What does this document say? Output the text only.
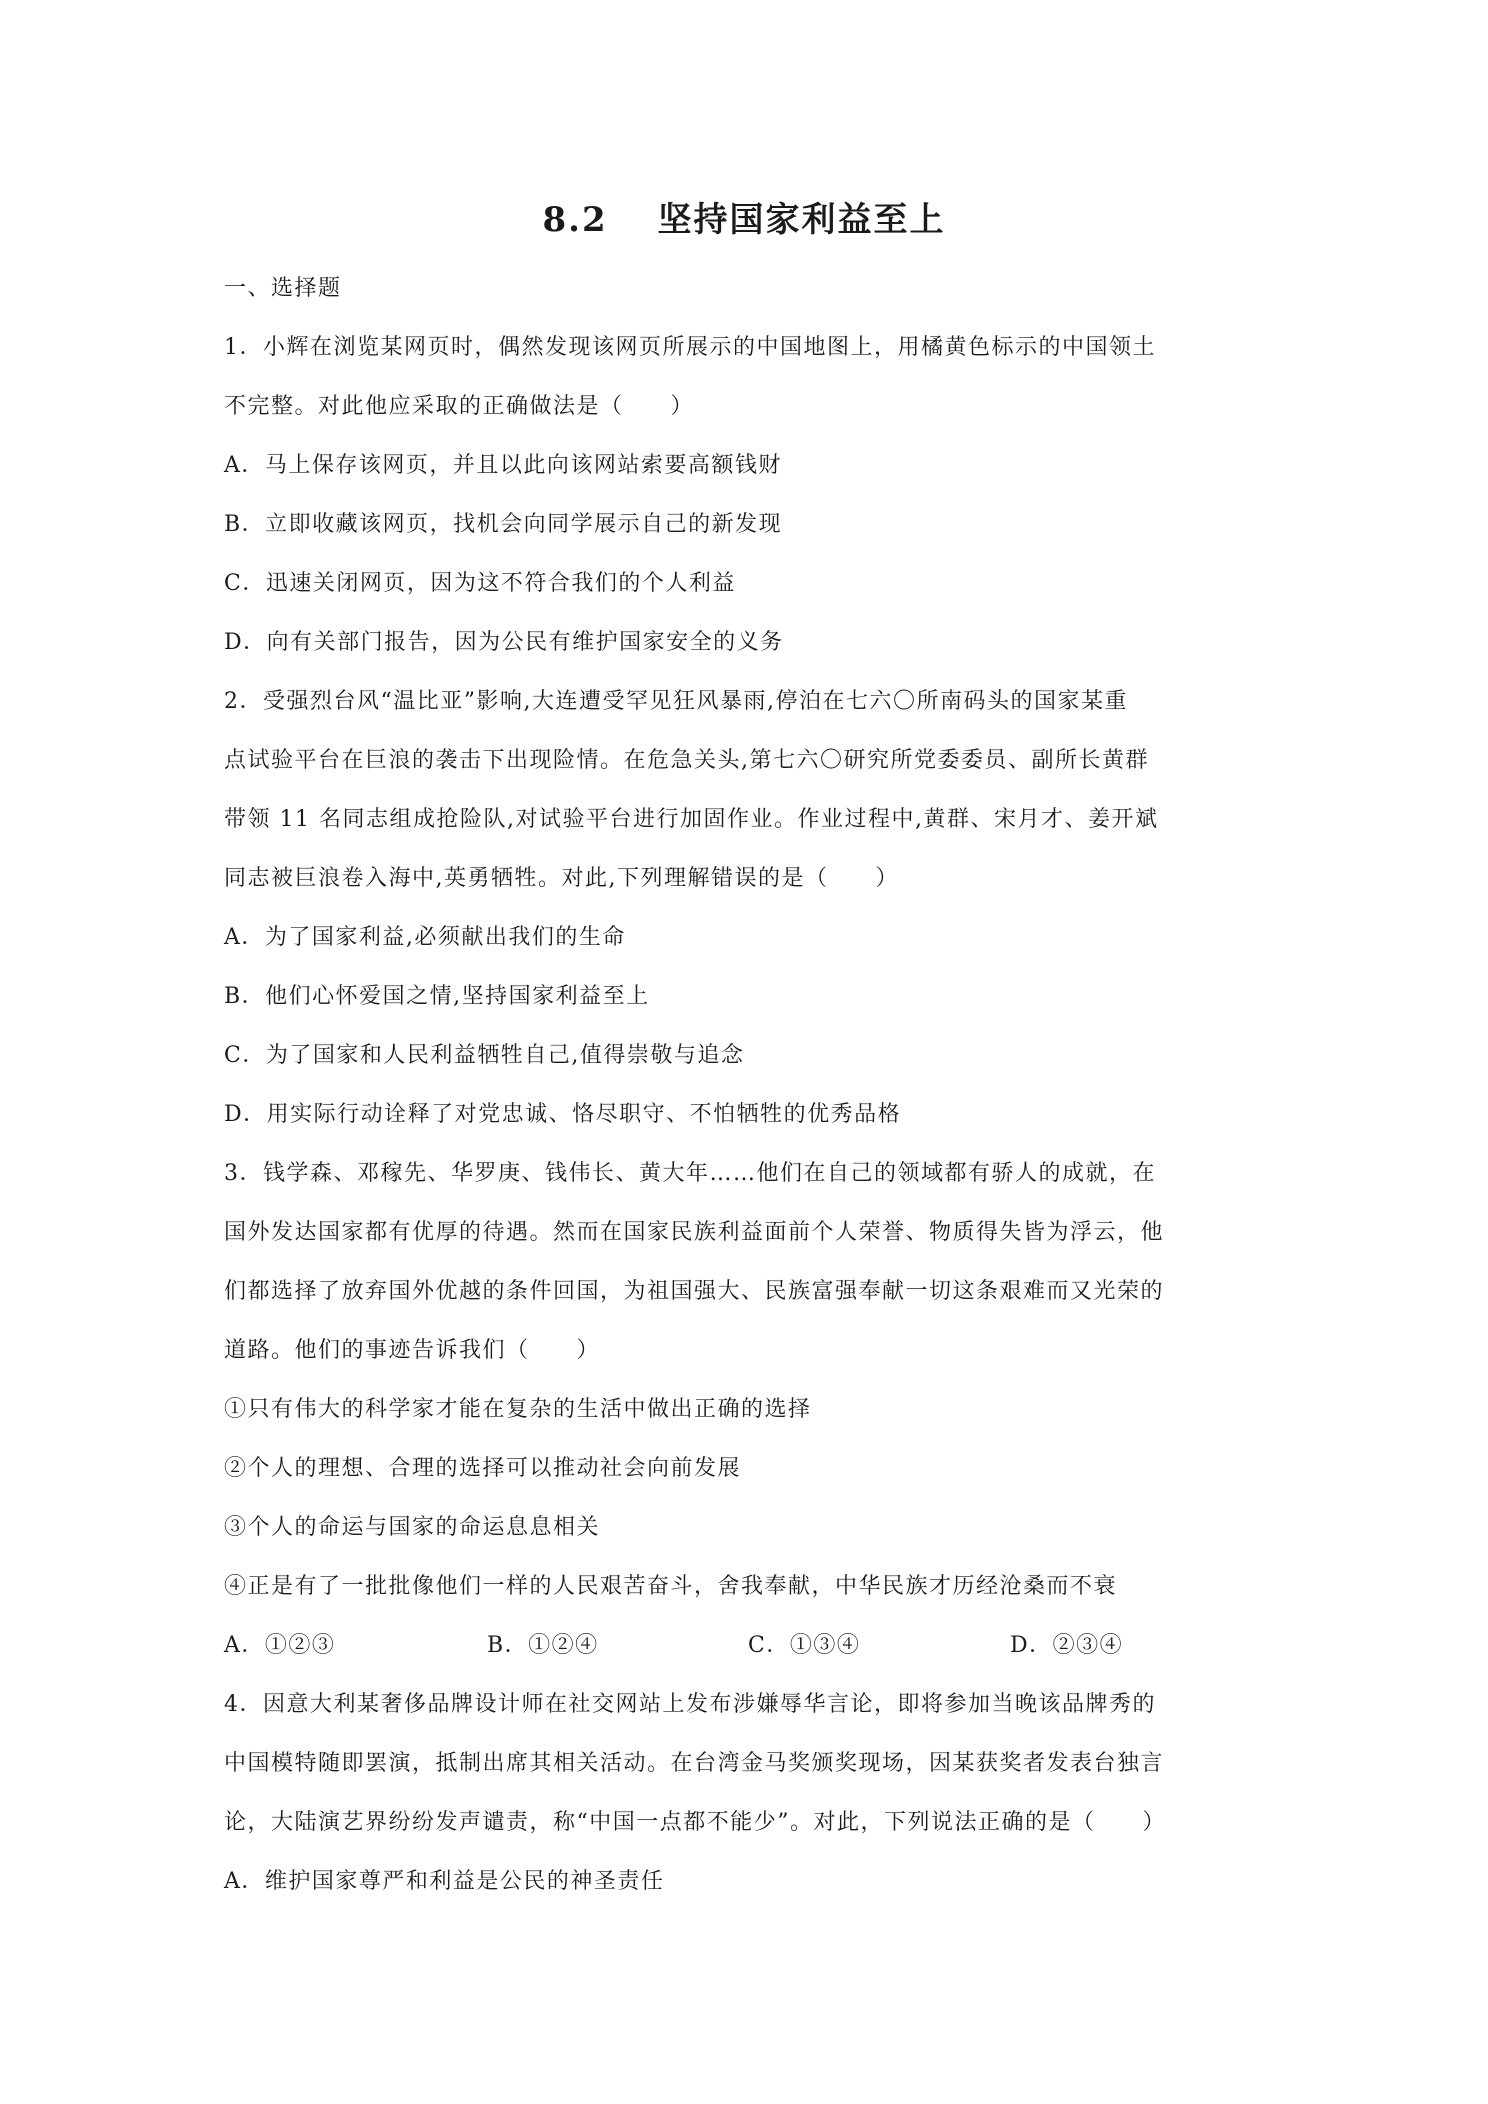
8.2　 坚持国家利益至上
一、选择题
1．小辉在浏览某网页时，偶然发现该网页所展示的中国地图上，用橘黄色标示的中国领土
不完整。对此他应采取的正确做法是（　　）
A．马上保存该网页，并且以此向该网站索要高额钱财
B．立即收藏该网页，找机会向同学展示自己的新发现
C．迅速关闭网页，因为这不符合我们的个人利益
D．向有关部门报告，因为公民有维护国家安全的义务
2．受强烈台风“温比亚”影响,大连遭受罕见狂风暴雨,停泊在七六〇所南码头的国家某重
点试验平台在巨浪的袭击下出现险情。在危急关头,第七六〇研究所党委委员、副所长黄群
带领 11 名同志组成抢险队,对试验平台进行加固作业。作业过程中,黄群、宋月才、姜开斌
同志被巨浪卷入海中,英勇牺牲。对此,下列理解错误的是（　　）
A．为了国家利益,必须献出我们的生命
B．他们心怀爱国之情,坚持国家利益至上
C．为了国家和人民利益牺牲自己,值得崇敬与追念
D．用实际行动诠释了对党忠诚、恪尽职守、不怕牺牲的优秀品格
3．钱学森、邓稼先、华罗庚、钱伟长、黄大年……他们在自己的领域都有骄人的成就，在
国外发达国家都有优厚的待遇。然而在国家民族利益面前个人荣誉、物质得失皆为浮云，他
们都选择了放弃国外优越的条件回国，为祖国强大、民族富强奉献一切这条艰难而又光荣的
道路。他们的事迹告诉我们（　　）
①只有伟大的科学家才能在复杂的生活中做出正确的选择
②个人的理想、合理的选择可以推动社会向前发展
③个人的命运与国家的命运息息相关
④正是有了一批批像他们一样的人民艰苦奋斗，舍我奉献，中华民族才历经沧桑而不衰
A．①②③	B．①②④	C．①③④	D．②③④
4．因意大利某奢侈品牌设计师在社交网站上发布涉嫌辱华言论，即将参加当晚该品牌秀的
中国模特随即罢演，抵制出席其相关活动。在台湾金马奖颁奖现场，因某获奖者发表台独言
论，大陆演艺界纷纷发声谴责，称“中国一点都不能少”。对此，下列说法正确的是（　　）
A．维护国家尊严和利益是公民的神圣责任
